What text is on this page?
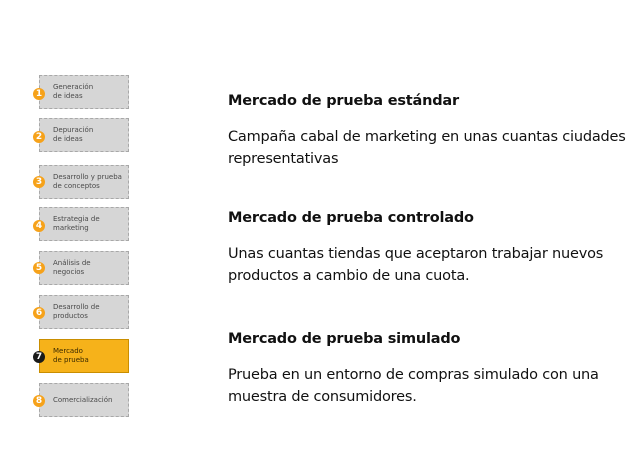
Generación
de ideas
1
Depuración
de ideas
2
Desarrollo y prueba
de conceptos
3
Estrategia de
marketing
4
Análisis de
negocios
5
Desarrollo de
productos
6
Mercado
de prueba
7
Comercialización
8
Mercado de prueba estándar
Campaña cabal de marketing en unas cuantas ciudades representativas
Mercado de prueba controlado
Unas cuantas tiendas que aceptaron trabajar nuevos productos a cambio de una cuota.
Mercado de prueba simulado
Prueba en un entorno de compras simulado con una muestra de consumidores.
